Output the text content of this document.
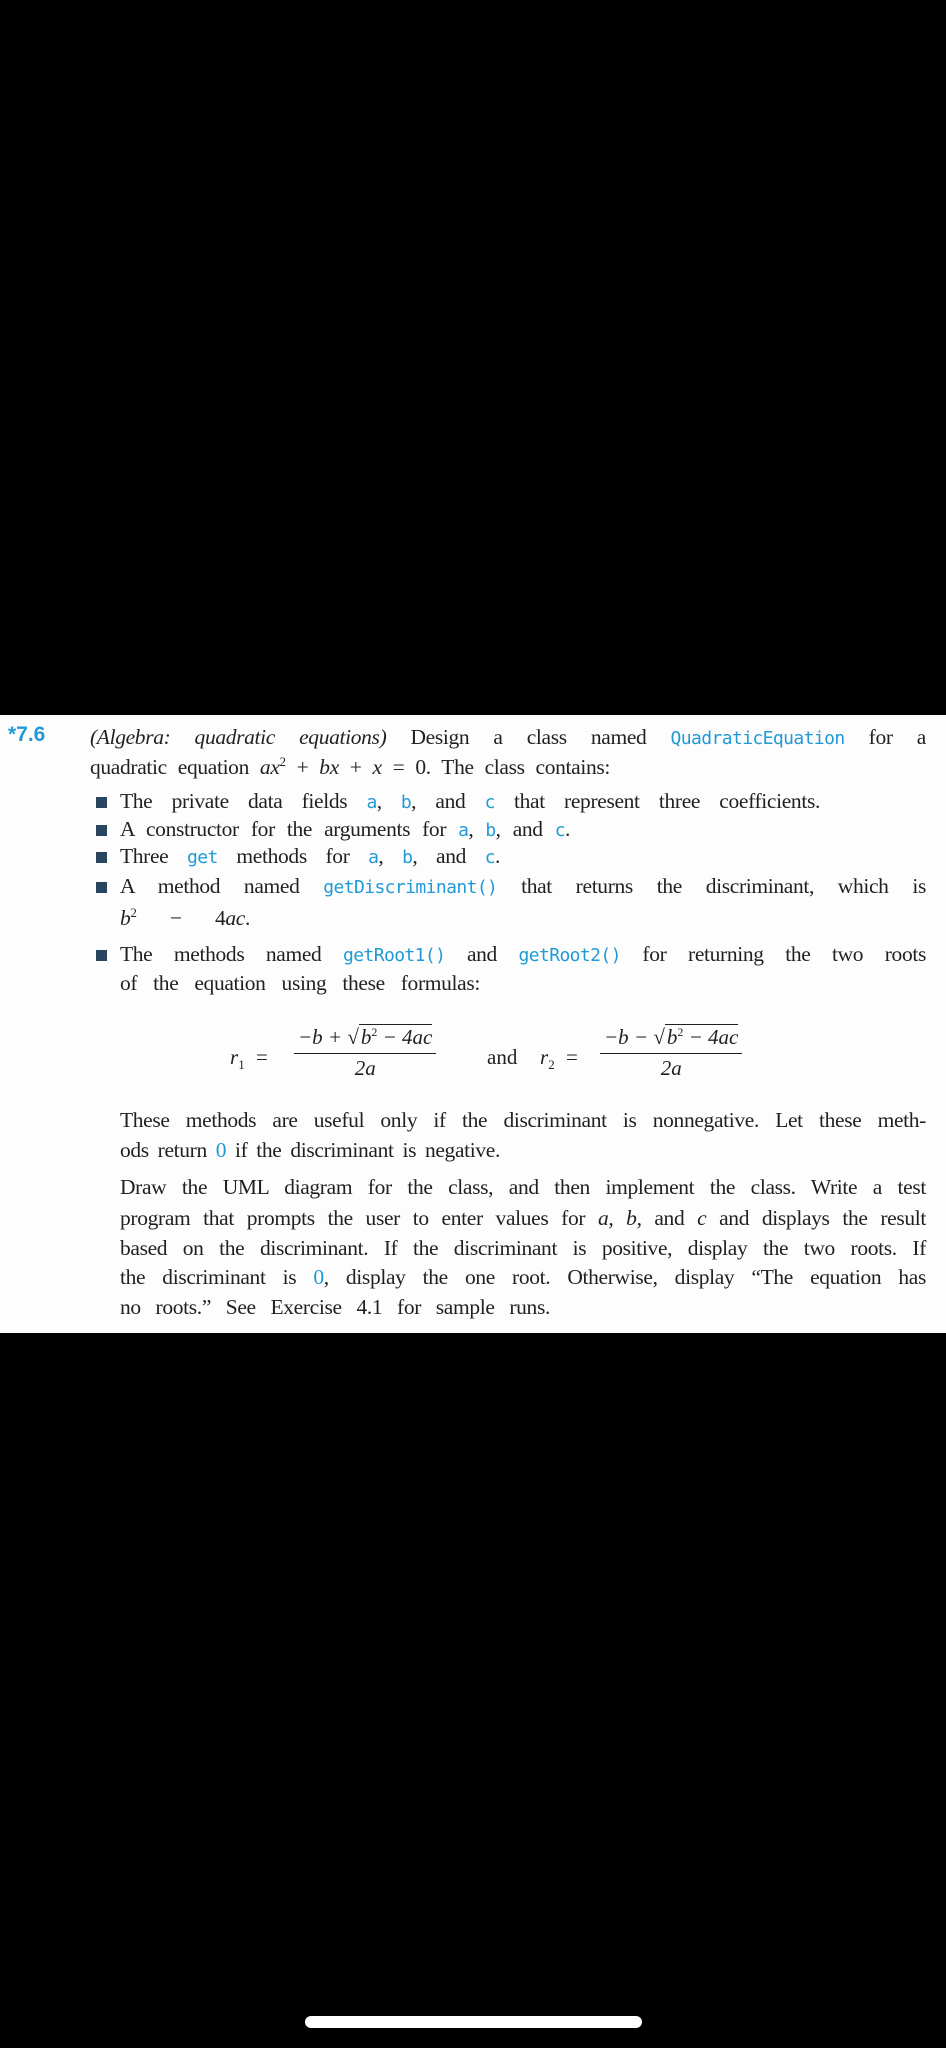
*7.6 (Algebra: quadratic equations) Design a class named QuadraticEquation for a
quadratic equation $ax^2$ + bx + x = 0. The class contains:
The private data fields a, b, and c that represent three coefficients.
A constructor for the arguments for a, b, and c.
Three get methods for a, b, and c.
A method named getDiscriminant() that returns the discriminant, which is
$b^2 - 4ac$.
The methods named getRoot1() and getRoot2() for returning the two roots
of the equation using these formulas:
These methods are useful only if the discriminant is nonnegative. Let these meth-
ods return 0 if the discriminant is negative.
Draw the UML diagram for the class, and then implement the class. Write a test
program that prompts the user to enter values for a, b, and c and displays the result
based on the discriminant. If the discriminant is positive, display the two roots. If
the discriminant is 0, display the one root. Otherwise, display “The equation has
no roots.” See Exercise 4.1 for sample runs.
$r_1$ =
$-b + √b^2 - 4ac$
2a	and $r_2$ =
$-b - √b^2 - 4ac$
2a
